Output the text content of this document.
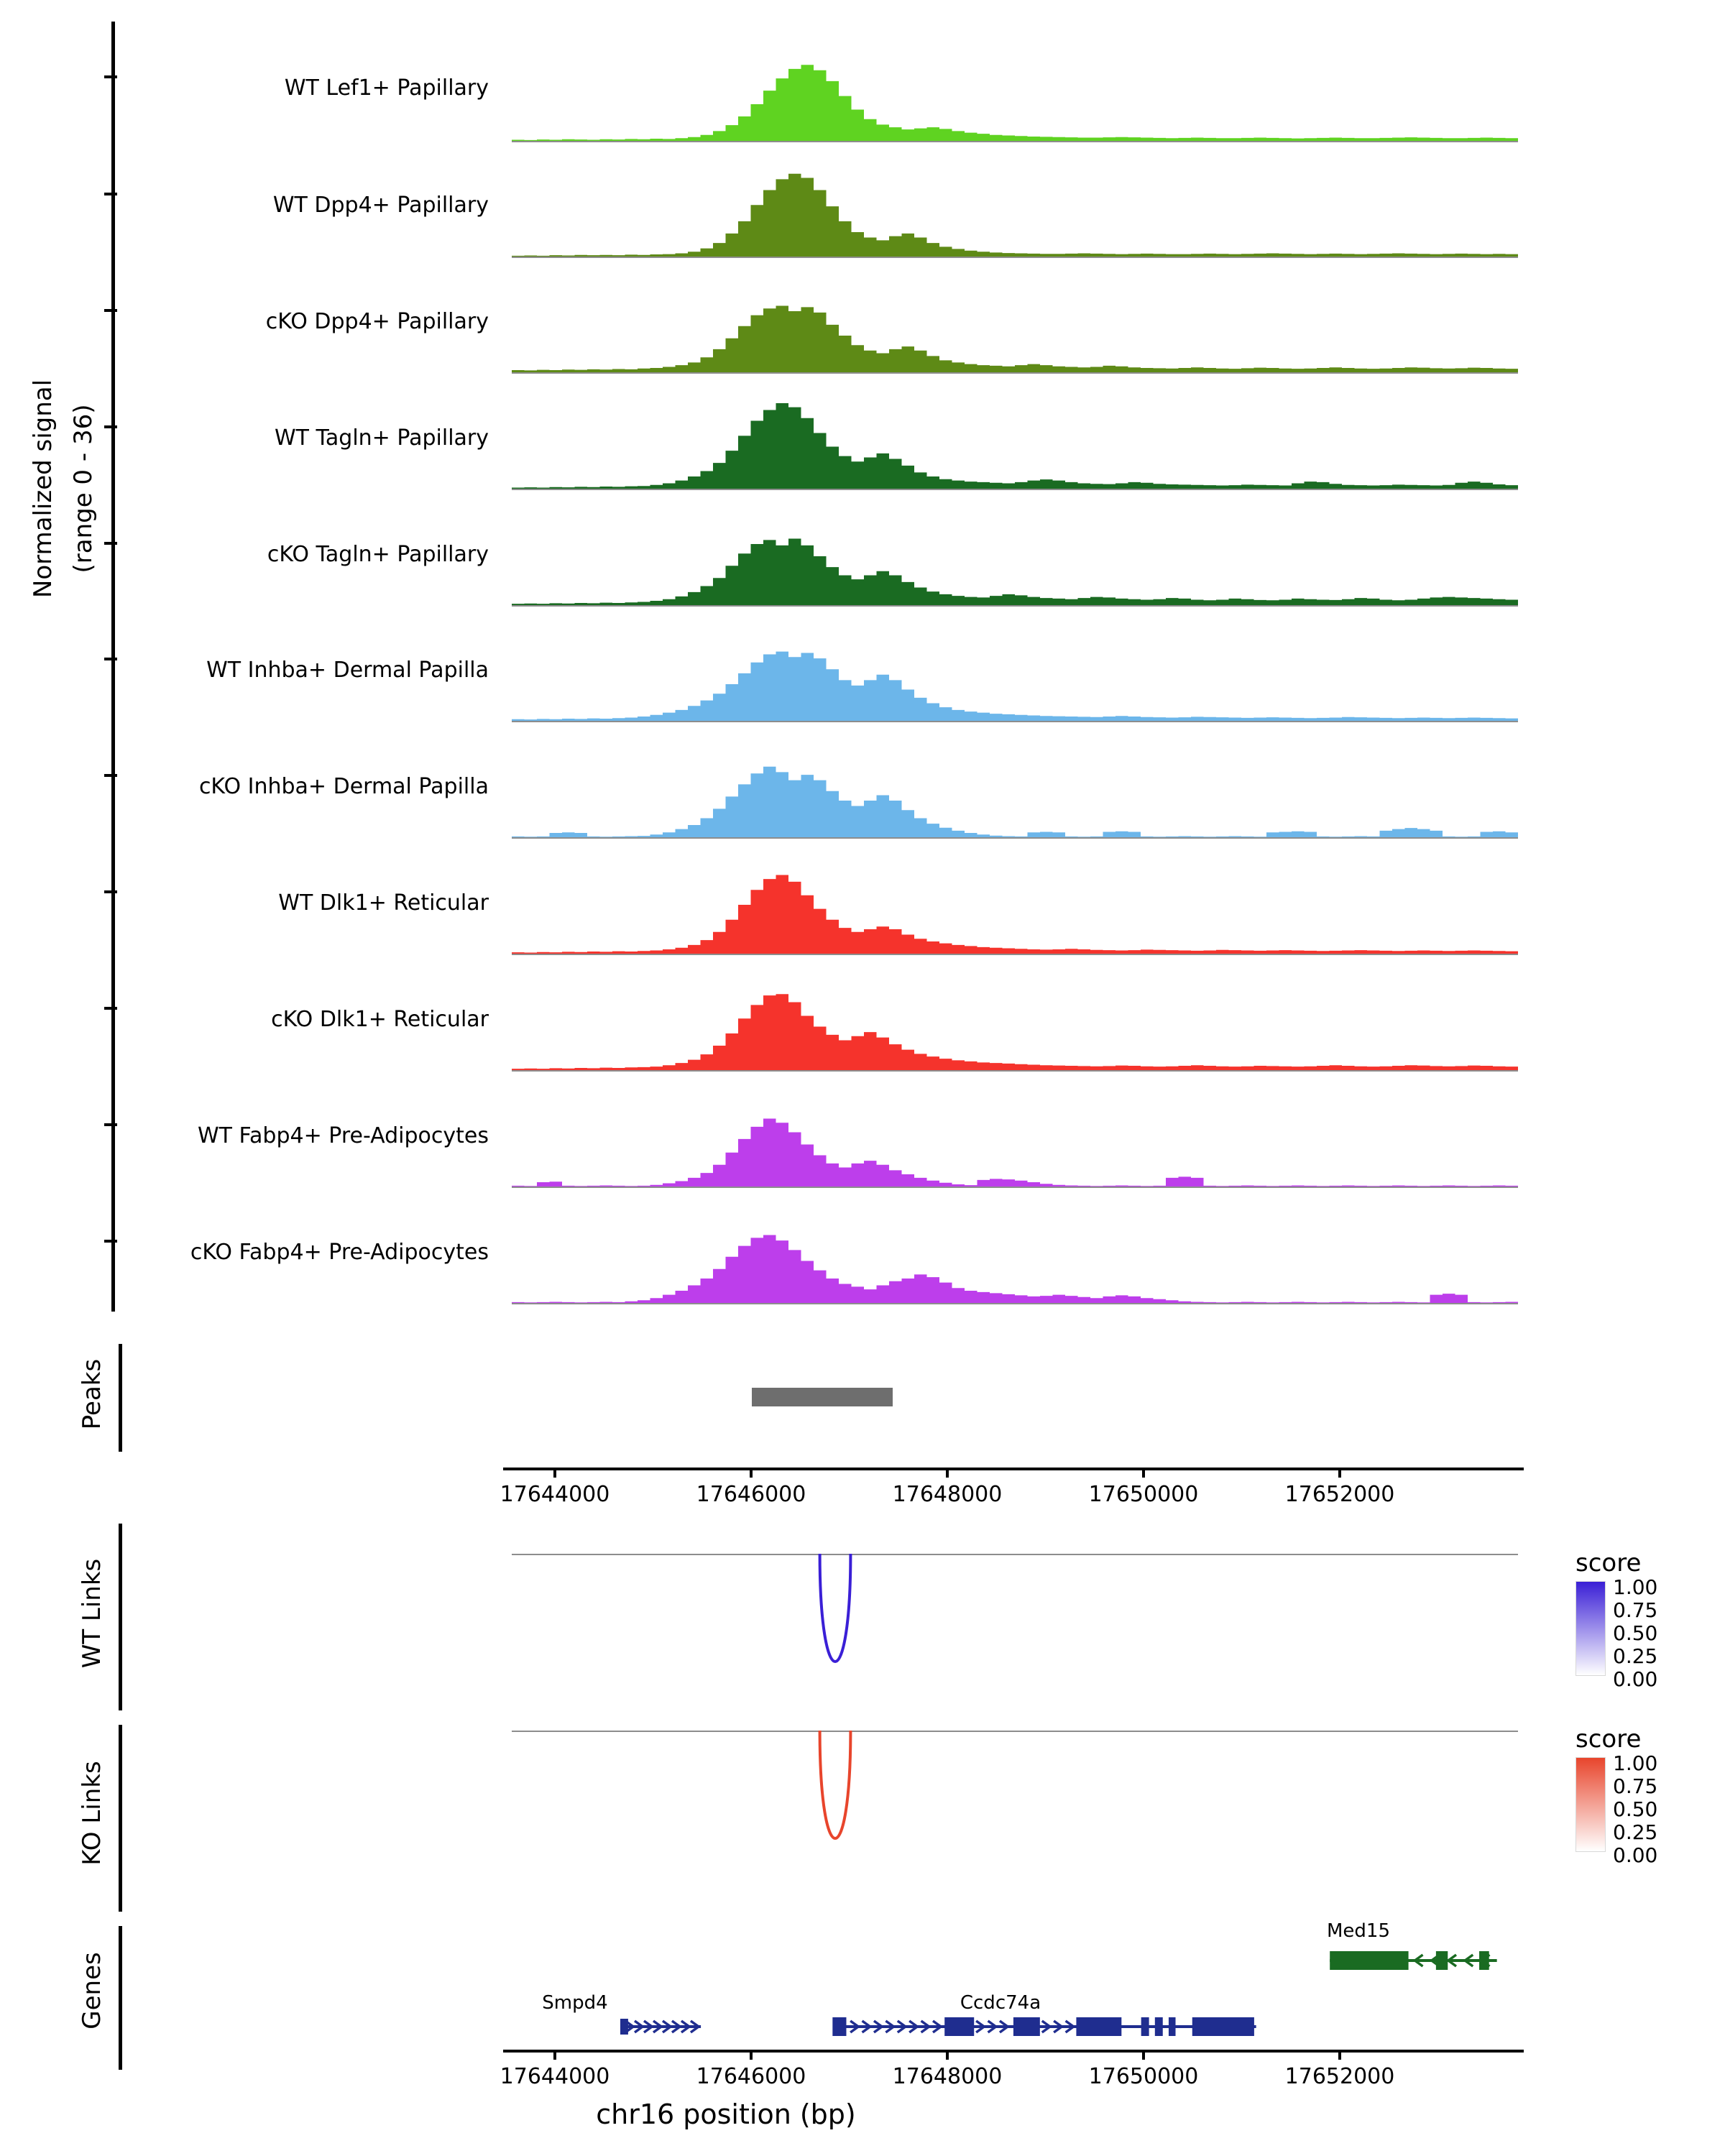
Normalized signal (range 0 - 36)
WT Lef1+ Papillary
WT Dpp4+ Papillary
cKO Dpp4+ Papillary
WT Tagln+ Papillary
cKO Tagln+ Papillary
WT Inhba+ Dermal Papilla
cKO Inhba+ Dermal Papilla
WT Dlk1+ Reticular
cKO Dlk1+ Reticular
WT Fabp4+ Pre-Adipocytes
cKO Fabp4+ Pre-Adipocytes
Peaks
17644000	17646000	17648000	17650000	17652000
WT Links	score
1.00
0.75
0.50
0.25
0.00
KO Links
score
1.00
0.75
0.50
0.25
0.00
Genes
Med15
Smpd4	Ccdc74a
17644000	17646000	17648000	17650000	17652000
chr16 position (bp)
